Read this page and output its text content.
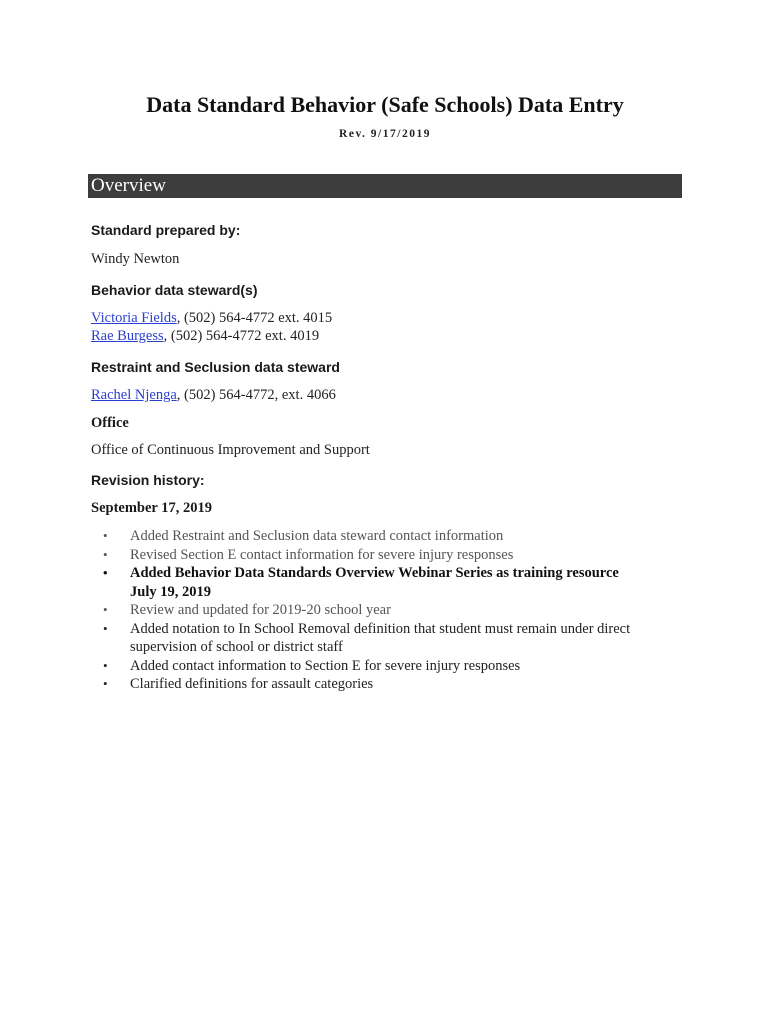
Data Standard Behavior (Safe Schools) Data Entry
Rev. 9/17/2019
Overview
Standard prepared by:
Windy Newton
Behavior data steward(s)
Victoria Fields, (502) 564-4772 ext. 4015
Rae Burgess, (502) 564-4772 ext. 4019
Restraint and Seclusion data steward
Rachel Njenga, (502) 564-4772, ext. 4066
Office
Office of Continuous Improvement and Support
Revision history:
September 17, 2019
• Added Restraint and Seclusion data steward contact information
• Revised Section E contact information for severe injury responses
• Added Behavior Data Standards Overview Webinar Series as training resource
July 19, 2019
• Review and updated for 2019-20 school year
• Added notation to In School Removal definition that student must remain under direct
supervision of school or district staff
• Added contact information to Section E for severe injury responses
• Clarified definitions for assault categories
